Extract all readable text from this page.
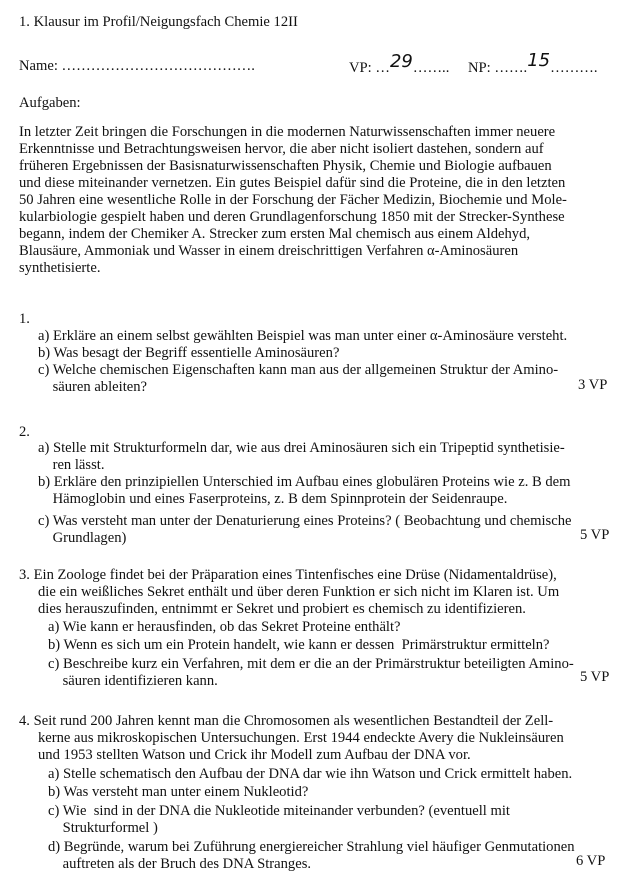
1. Klausur im Profil/Neigungsfach Chemie 12II
Name: ………………………………….	VP: …29…….. NP: …….15……….
Aufgaben:
In letzter Zeit bringen die Forschungen in die modernen Naturwissenschaften immer neuere
Erkenntnisse und Betrachtungsweisen hervor, die aber nicht isoliert dastehen, sondern auf
früheren Ergebnissen der Basisnaturwissenschaften Physik, Chemie und Biologie aufbauen
und diese miteinander vernetzen. Ein gutes Beispiel dafür sind die Proteine, die in den letzten
50 Jahren eine wesentliche Rolle in der Forschung der Fächer Medizin, Biochemie und Mole-
kularbiologie gespielt haben und deren Grundlagenforschung 1850 mit der Strecker-Synthese
begann, indem der Chemiker A. Strecker zum ersten Mal chemisch aus einem Aldehyd,
Blausäure, Ammoniak und Wasser in einem dreischrittigen Verfahren α-Aminosäuren
synthetisierte.
1.
a) Erkläre an einem selbst gewählten Beispiel was man unter einer α-Aminosäure versteht.
b) Was besagt der Begriff essentielle Aminosäuren?
c) Welche chemischen Eigenschaften kann man aus der allgemeinen Struktur der Amino-
säuren ableiten?	3 VP
2.
a) Stelle mit Strukturformeln dar, wie aus drei Aminosäuren sich ein Tripeptid synthetisie-
ren lässt.
b) Erkläre den prinzipiellen Unterschied im Aufbau eines globulären Proteins wie z. B dem
Hämoglobin und eines Faserproteins, z. B dem Spinnprotein der Seidenraupe.
c) Was versteht man unter der Denaturierung eines Proteins? ( Beobachtung und chemische
Grundlagen)	5 VP
3. Ein Zoologe findet bei der Präparation eines Tintenfisches eine Drüse (Nidamentaldrüse),
die ein weißliches Sekret enthält und über deren Funktion er sich nicht im Klaren ist. Um
dies herauszufinden, entnimmt er Sekret und probiert es chemisch zu identifizieren.
a) Wie kann er herausfinden, ob das Sekret Proteine enthält?
b) Wenn es sich um ein Protein handelt, wie kann er dessen  Primärstruktur ermitteln?
c) Beschreibe kurz ein Verfahren, mit dem er die an der Primärstruktur beteiligten Amino-
säuren identifizieren kann.	5 VP
4. Seit rund 200 Jahren kennt man die Chromosomen als wesentlichen Bestandteil der Zell-
kerne aus mikroskopischen Untersuchungen. Erst 1944 endeckte Avery die Nukleinsäuren
und 1953 stellten Watson und Crick ihr Modell zum Aufbau der DNA vor.
a) Stelle schematisch den Aufbau der DNA dar wie ihn Watson und Crick ermittelt haben.
b) Was versteht man unter einem Nukleotid?
c) Wie  sind in der DNA die Nukleotide miteinander verbunden? (eventuell mit
Strukturformel )
d) Begründe, warum bei Zuführung energiereicher Strahlung viel häufiger Genmutationen
auftreten als der Bruch des DNA Stranges.	6 VP
